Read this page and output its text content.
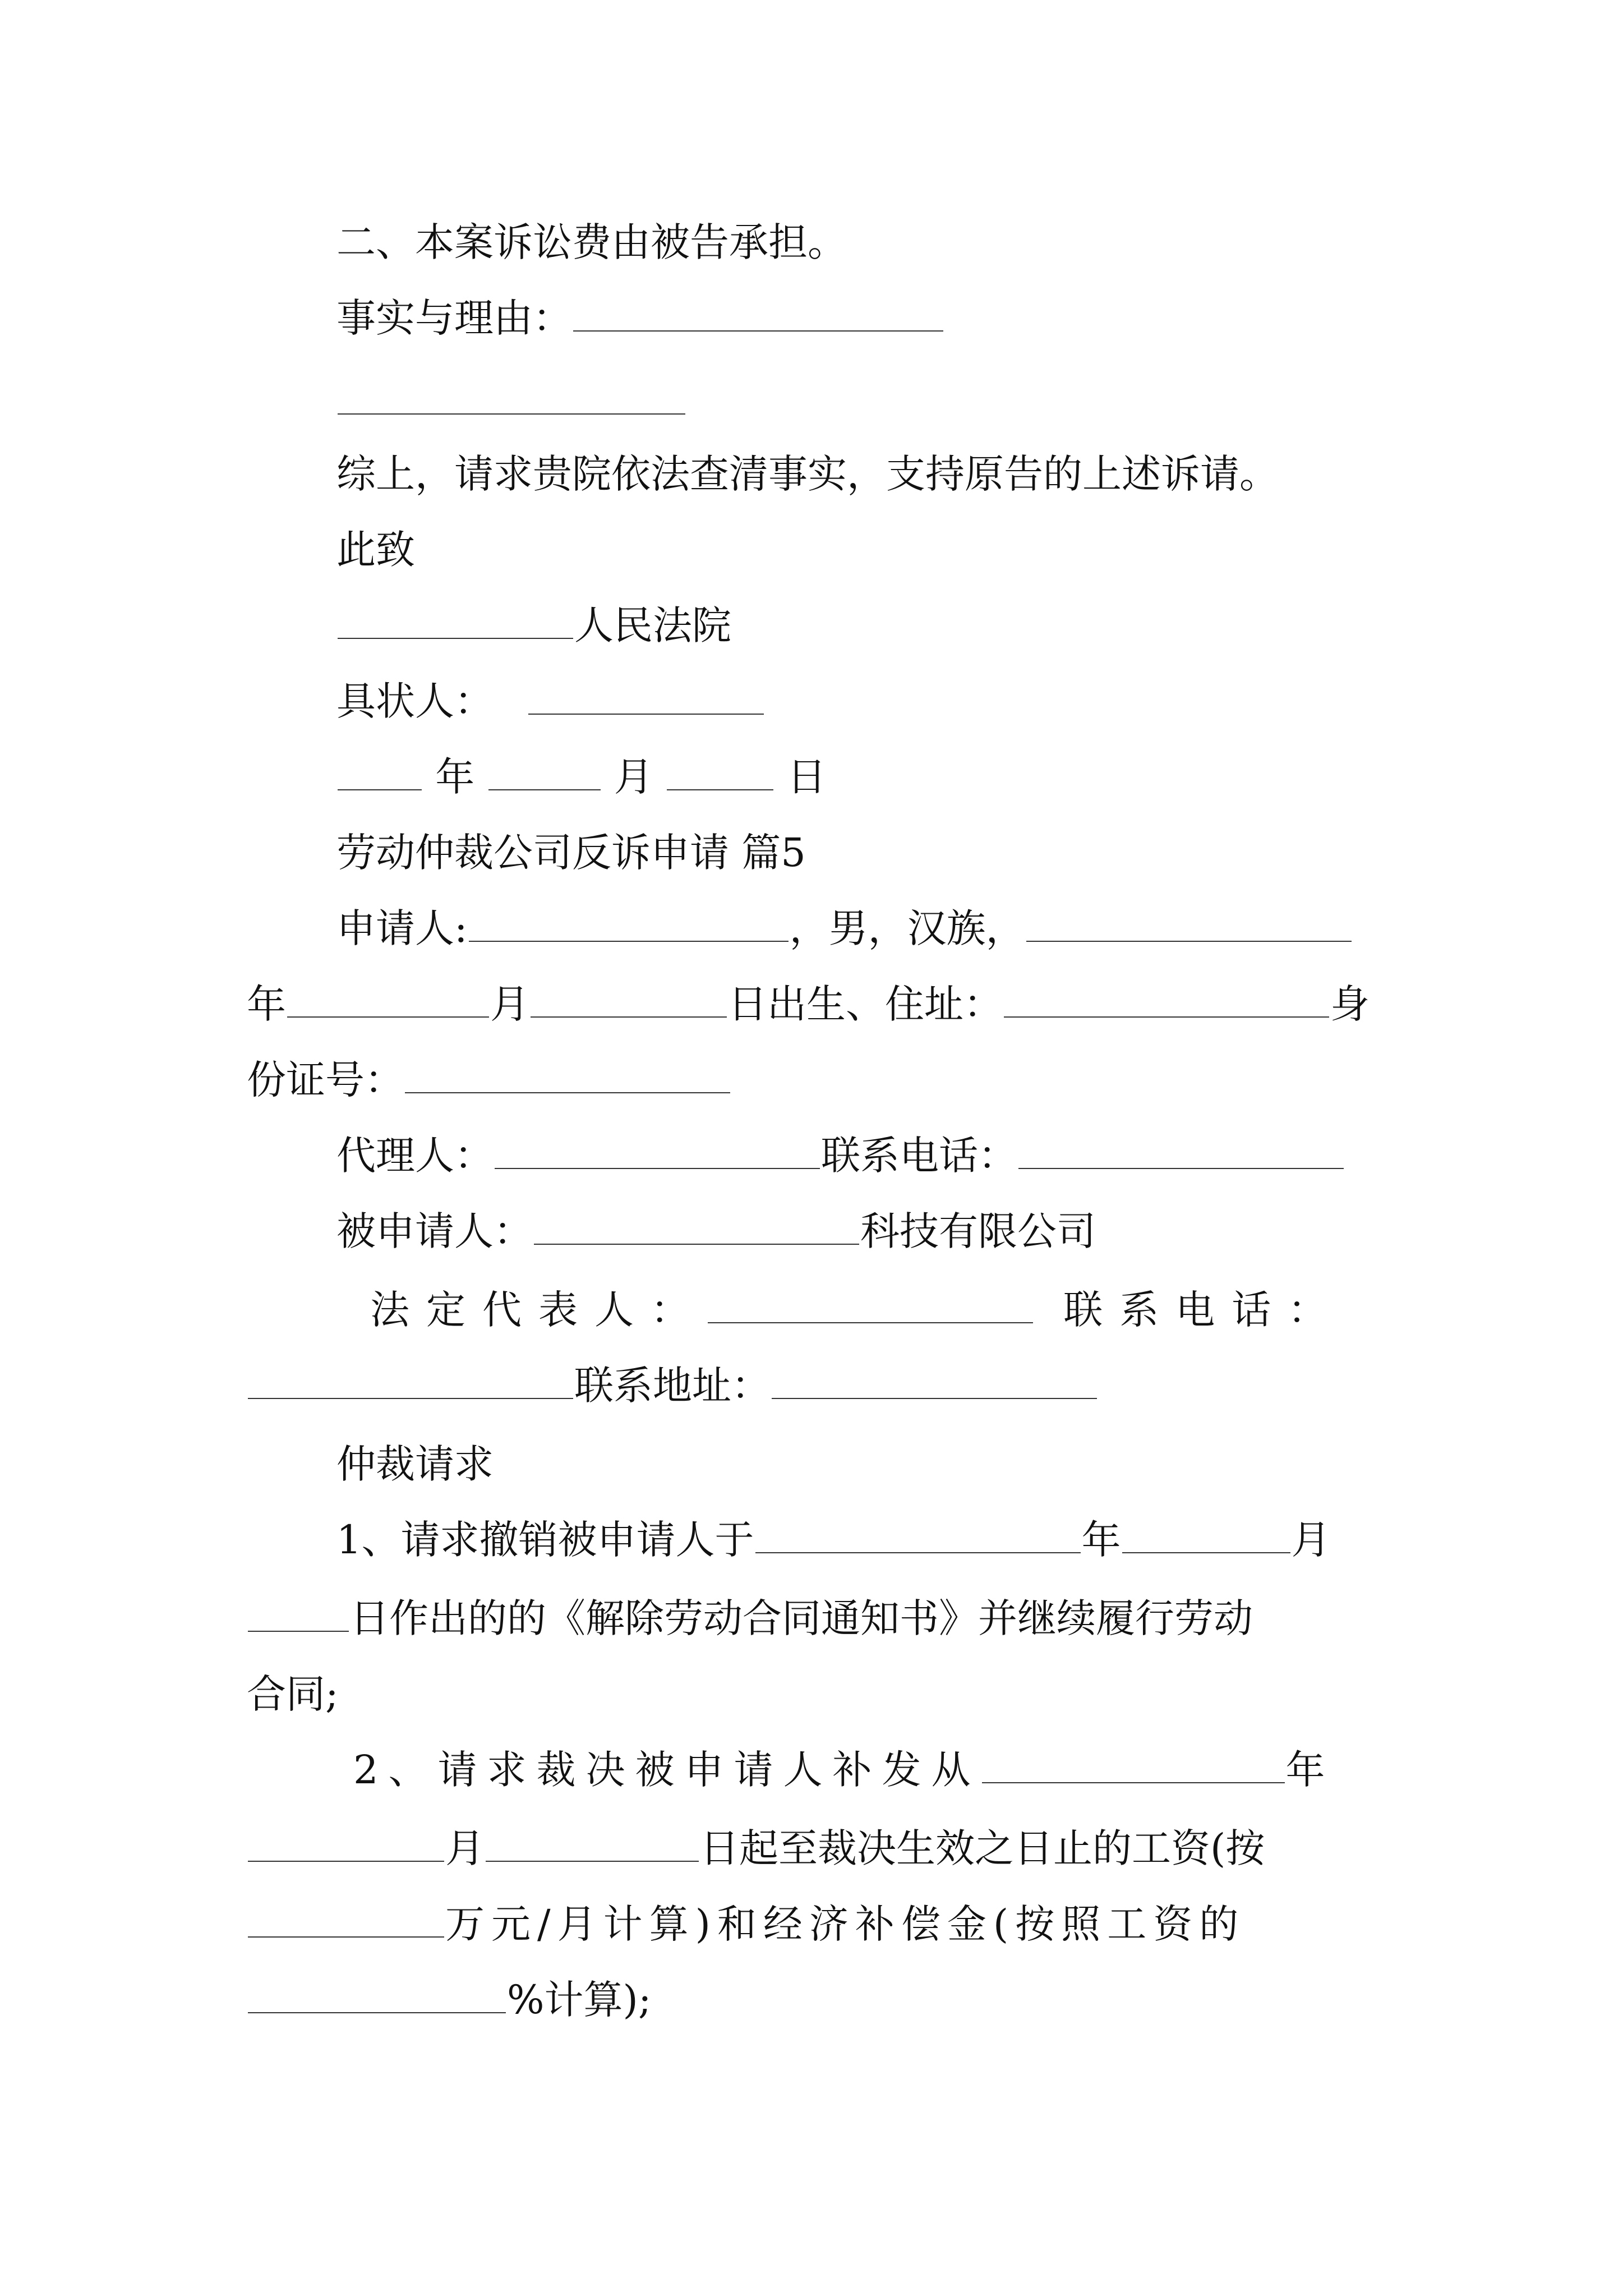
二、本案诉讼费由被告承担。
事实与理由：
综上，请求贵院依法查清事实，支持原告的上述诉请。
此致
人民法院
具状人：
年	月	日
劳动仲裁公司反诉申请 篇5
申请人:	，男，汉族，
年	月	日出生、住址：	身
份证号：
代理人：	联系电话：
被申请人：	科技有限公司
法定代表人：	联系电话：
联系地址：
仲裁请求
1、请求撤销被申请人于	年	月
日作出的的《解除劳动合同通知书》并继续履行劳动
合同;
2、请求裁决被申请人补发从	年
月	日起至裁决生效之日止的工资(按
万元/月计算)和经济补偿金(按照工资的
%计算);
